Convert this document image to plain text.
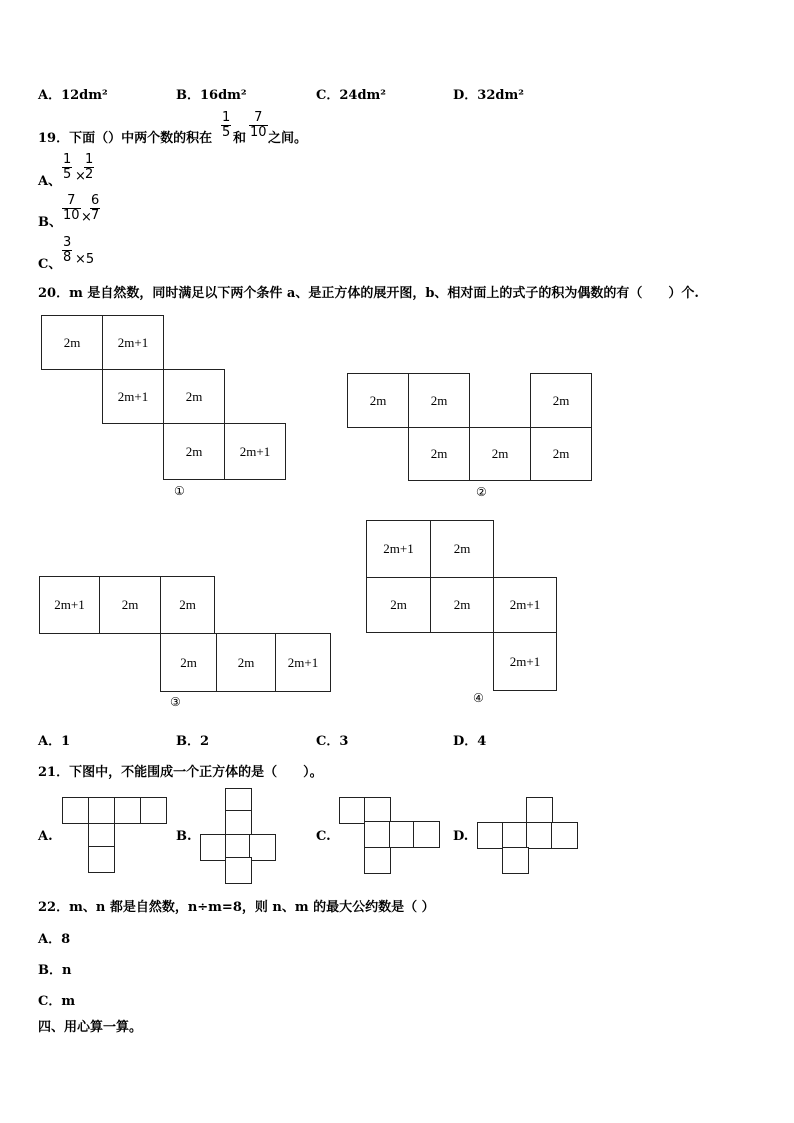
A．12dm²	B．16dm²	C．24dm²	D．32dm²
19．下面（）中两个数的积在 $\frac{1}{5}$ 和 $\frac{7}{10}$ 之间。
A、 $\frac{1}{5}$ ×
$\frac{1}{2}$
B、 $\frac{7}{10}$ ×
$\frac{6}{7}$
C、 $\frac{3}{8} \times 5$
20．m 是自然数，同时满足以下两个条件 a、是正方体的展开图，b、相对面上的式子的积为偶数的有（　　）个.
2m	2m+1
2m+1	2m
2m	2m+1
①
2m	2m	2m
2m	2m	2m
②
2m+1	2m	2m
2m	2m	2m+1
③
2m+1	2m
2m	2m	2m+1
2m+1
④
A．1	B．2	C．3	D．4
21．下图中，不能围成一个正方体的是（　　）。
A.	B.	C.	D.
22．m、n 都是自然数，n÷m=8，则 n、m 的最大公约数是（ ）
A．8
B．n
C．m
四、用心算一算。
